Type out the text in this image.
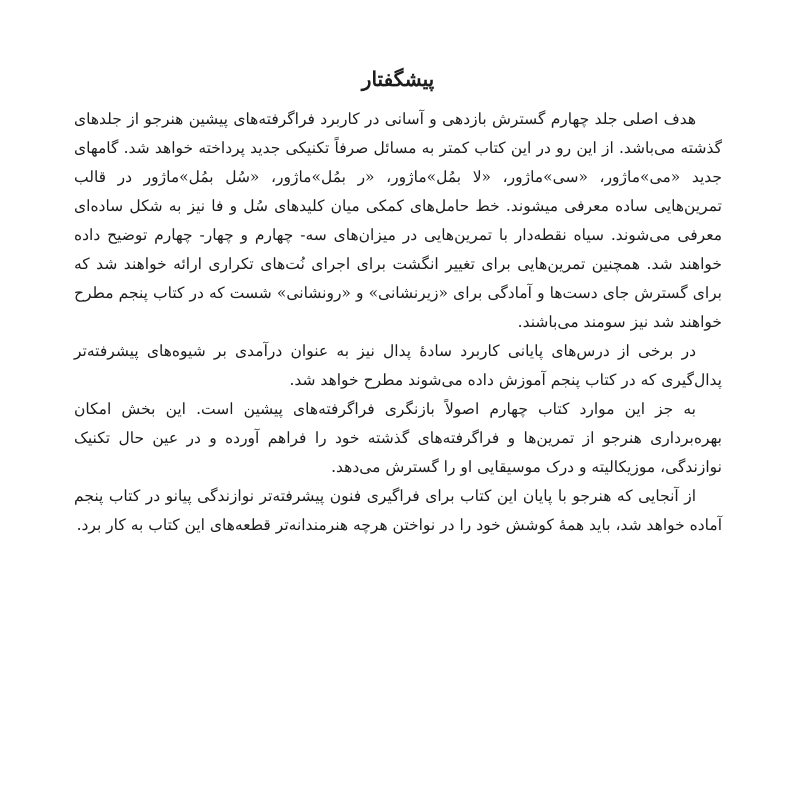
پیشگفتار

هدف اصلی جلد چهارم گسترش بازدهی و آسانی در کاربرد فراگرفته‌های پیشین هنرجو از جلدهای گذشته می‌باشد. از این رو در این کتاب کمتر به مسائل صرفاً تکنیکی جدید پرداخته خواهد شد. گامهای جدید «می»ماژور، «سی»ماژور، «لا بمُل»ماژور، «ر بمُل»ماژور، «سُل بمُل»ماژور در قالب تمرین‌هایی ساده معرفی میشوند. خط حامل‌های کمکی میان کلیدهای سُل و فا نیز به شکل ساده‌ای معرفی می‌شوند. سیاه نقطه‌دار با تمرین‌هایی در میزان‌های سه- چهارم و چهار- چهارم توضیح داده خواهند شد. همچنین تمرین‌هایی برای تغییر انگشت برای اجرای نُت‌های تکراری ارائه خواهند شد که برای گسترش جای دست‌ها و آمادگی برای «زیرنشانی» و «رونشانی» شست که در کتاب پنجم مطرح خواهند شد نیز سومند می‌باشند.

در برخی از درس‌های پایانی کاربرد سادهٔ پدال نیز به عنوان درآمدی بر شیوه‌های پیشرفته‌تر پدال‌گیری که در کتاب پنجم آموزش داده می‌شوند مطرح خواهد شد.

به جز این موارد کتاب چهارم اصولاً بازنگری فراگرفته‌های پیشین است. این بخش امکان بهره‌برداری هنرجو از تمرین‌ها و فراگرفته‌های گذشته خود را فراهم آورده و در عین حال تکنیک نوازندگی، موزیکالیته و درک موسیقایی او را گسترش می‌دهد.

از آنجایی که هنرجو با پایان این کتاب برای فراگیری فنون پیشرفته‌تر نوازندگی پیانو در کتاب پنجم آماده خواهد شد، باید همهٔ کوشش خود را در نواختن هرچه هنرمندانه‌تر قطعه‌های این کتاب به کار برد.
